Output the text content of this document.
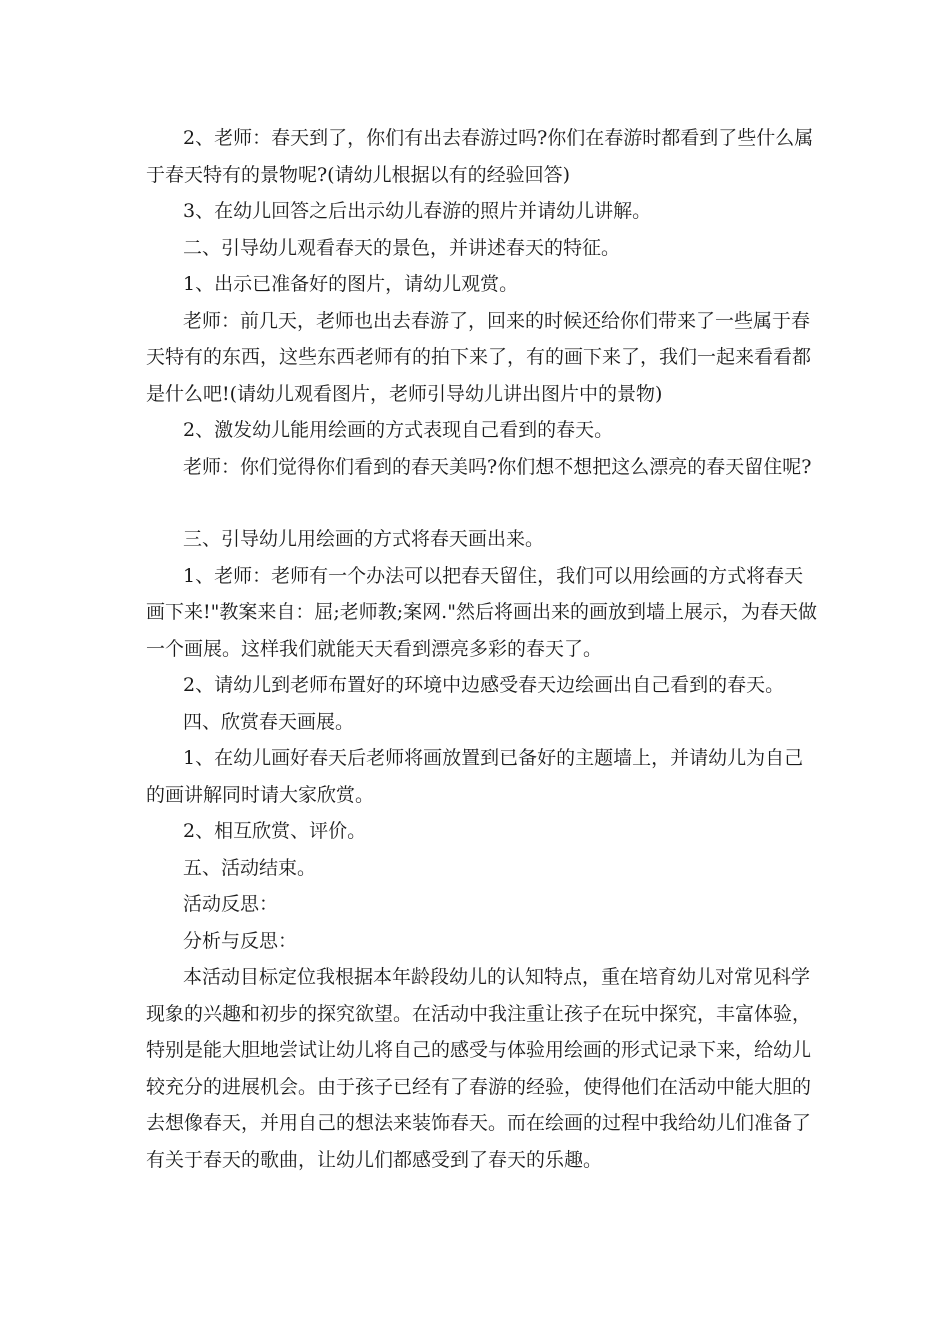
2、老师：春天到了，你们有出去春游过吗?你们在春游时都看到了些什么属于春天特有的景物呢?(请幼儿根据以有的经验回答)

3、在幼儿回答之后出示幼儿春游的照片并请幼儿讲解。

二、引导幼儿观看春天的景色，并讲述春天的特征。

1、出示已准备好的图片，请幼儿观赏。

老师：前几天，老师也出去春游了，回来的时候还给你们带来了一些属于春天特有的东西，这些东西老师有的拍下来了，有的画下来了，我们一起来看看都是什么吧!(请幼儿观看图片，老师引导幼儿讲出图片中的景物)

2、激发幼儿能用绘画的方式表现自己看到的春天。

老师：你们觉得你们看到的春天美吗?你们想不想把这么漂亮的春天留住呢?

三、引导幼儿用绘画的方式将春天画出来。

1、老师：老师有一个办法可以把春天留住，我们可以用绘画的方式将春天画下来!"教案来自：屈;老师教;案网."然后将画出来的画放到墙上展示，为春天做一个画展。这样我们就能天天看到漂亮多彩的春天了。

2、请幼儿到老师布置好的环境中边感受春天边绘画出自己看到的春天。

四、欣赏春天画展。

1、在幼儿画好春天后老师将画放置到已备好的主题墙上，并请幼儿为自己的画讲解同时请大家欣赏。

2、相互欣赏、评价。

五、活动结束。

活动反思：

分析与反思：

本活动目标定位我根据本年龄段幼儿的认知特点，重在培育幼儿对常见科学现象的兴趣和初步的探究欲望。在活动中我注重让孩子在玩中探究，丰富体验，特别是能大胆地尝试让幼儿将自己的感受与体验用绘画的形式记录下来，给幼儿较充分的进展机会。由于孩子已经有了春游的经验，使得他们在活动中能大胆的去想像春天，并用自己的想法来装饰春天。而在绘画的过程中我给幼儿们准备了有关于春天的歌曲，让幼儿们都感受到了春天的乐趣。
